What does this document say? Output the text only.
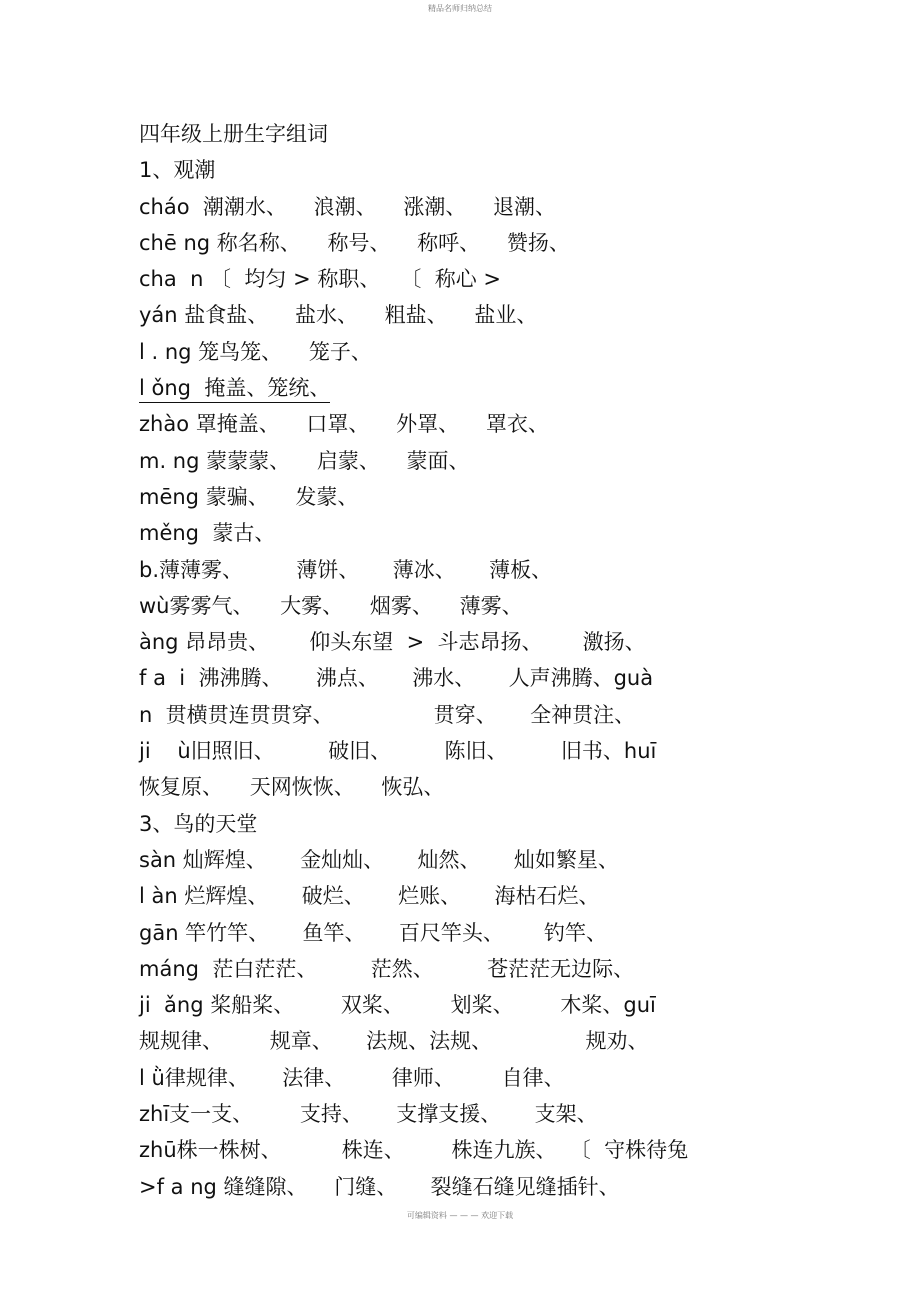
精品名师归纳总结
四年级上册生字组词
1、观潮
cháo  潮潮水、    浪潮、    涨潮、    退潮、
chē ng 称名称、    称号、    称呼、    赞扬、
cha  n 〔  均匀 > 称职、   〔  称心 >
yán 盐食盐、    盐水、    粗盐、    盐业、
l . ng 笼鸟笼、    笼子、
l ǒng  掩盖、笼统、
zhào 罩掩盖、    口罩、    外罩、    罩衣、
m. ng 蒙蒙蒙、    启蒙、    蒙面、
mēng 蒙骗、    发蒙、
měng  蒙古、
b.薄薄雾、        薄饼、     薄冰、     薄板、
wù雾雾气、    大雾、    烟雾、    薄雾、
àng 昂昂贵、      仰头东望  >  斗志昂扬、      激扬、
f a  i  沸沸腾、     沸点、     沸水、     人声沸腾、guà
n  贯横贯连贯贯穿、               贯穿、     全神贯注、
ji    ù旧照旧、        破旧、        陈旧、        旧书、huī
恢复原、    天网恢恢、    恢弘、
3、鸟的天堂
sàn 灿辉煌、     金灿灿、     灿然、     灿如繁星、
l àn 烂辉煌、     破烂、     烂账、     海枯石烂、
gān 竿竹竿、     鱼竿、     百尺竿头、      钓竿、
máng  茫白茫茫、        茫然、        苍茫茫无边际、
ji  ǎng 桨船桨、       双桨、       划桨、       木桨、guī
规规律、       规章、     法规、法规、              规劝、
l ǜ律规律、     法律、       律师、       自律、
zhī支一支、       支持、     支撑支援、     支架、
zhū株一株树、         株连、       株连九族、  〔  守株待兔
>f a ng 缝缝隙、    门缝、     裂缝石缝见缝插针、
可编辑资料 — — — 欢迎下载
